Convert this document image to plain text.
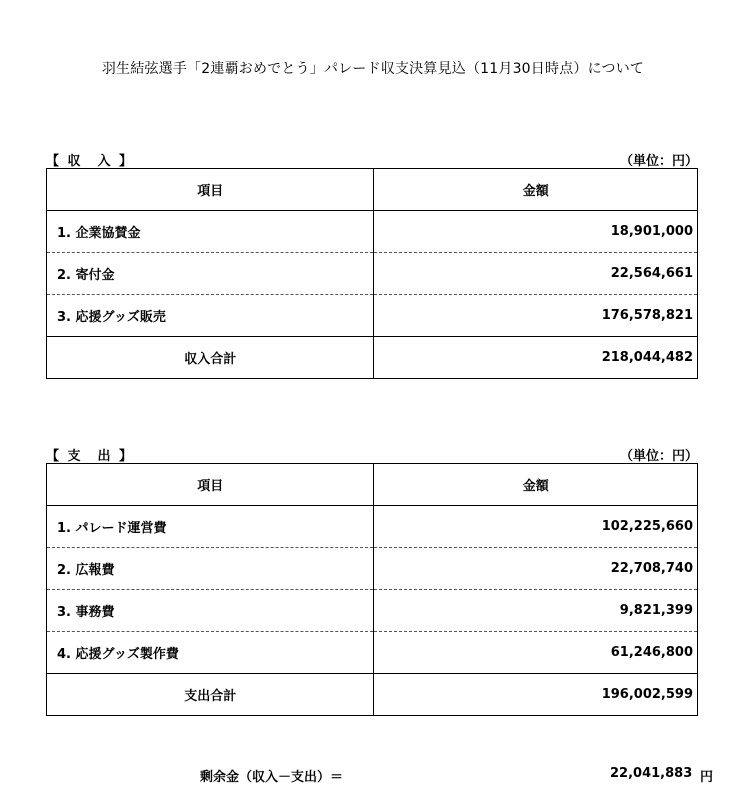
羽生結弦選手「2連覇おめでとう」パレード収支決算見込（11月30日時点）について
【 収　入 】	（単位：円）
項目	金額
1. 企業協賛金	18,901,000
2. 寄付金	22,564,661
3. 応援グッズ販売	176,578,821
収入合計	218,044,482
【 支　出 】	（単位：円）
項目	金額
1. パレード運営費	102,225,660
2. 広報費	22,708,740
3. 事務費	9,821,399
4. 応援グッズ製作費	61,246,800
支出合計	196,002,599
剰余金（収入－支出）＝	22,041,883 円
